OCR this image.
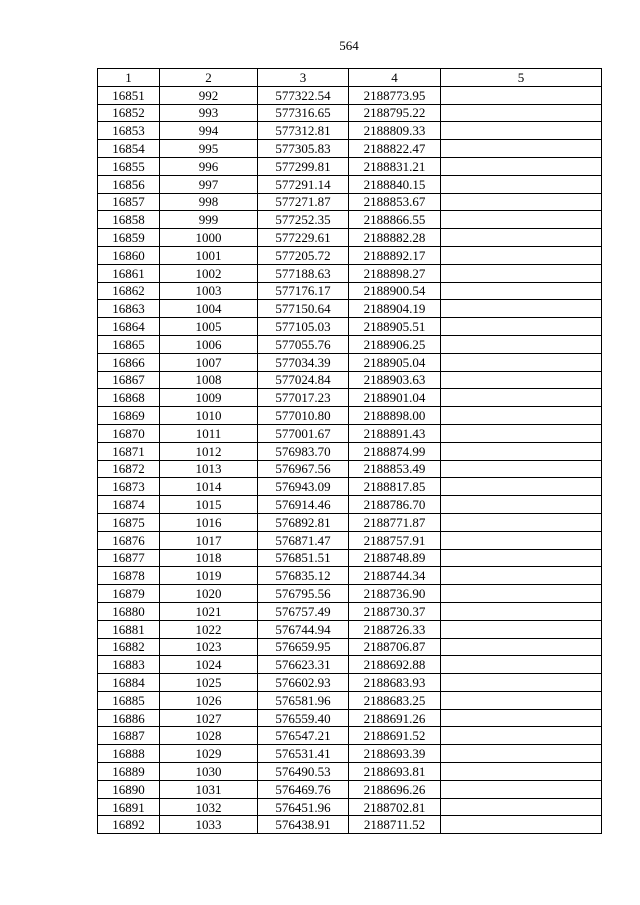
564
1	2	3	4	5
16851	992	577322.54	2188773.95	
16852	993	577316.65	2188795.22	
16853	994	577312.81	2188809.33	
16854	995	577305.83	2188822.47	
16855	996	577299.81	2188831.21	
16856	997	577291.14	2188840.15	
16857	998	577271.87	2188853.67	
16858	999	577252.35	2188866.55	
16859	1000	577229.61	2188882.28	
16860	1001	577205.72	2188892.17	
16861	1002	577188.63	2188898.27	
16862	1003	577176.17	2188900.54	
16863	1004	577150.64	2188904.19	
16864	1005	577105.03	2188905.51	
16865	1006	577055.76	2188906.25	
16866	1007	577034.39	2188905.04	
16867	1008	577024.84	2188903.63	
16868	1009	577017.23	2188901.04	
16869	1010	577010.80	2188898.00	
16870	1011	577001.67	2188891.43	
16871	1012	576983.70	2188874.99	
16872	1013	576967.56	2188853.49	
16873	1014	576943.09	2188817.85	
16874	1015	576914.46	2188786.70	
16875	1016	576892.81	2188771.87	
16876	1017	576871.47	2188757.91	
16877	1018	576851.51	2188748.89	
16878	1019	576835.12	2188744.34	
16879	1020	576795.56	2188736.90	
16880	1021	576757.49	2188730.37	
16881	1022	576744.94	2188726.33	
16882	1023	576659.95	2188706.87	
16883	1024	576623.31	2188692.88	
16884	1025	576602.93	2188683.93	
16885	1026	576581.96	2188683.25	
16886	1027	576559.40	2188691.26	
16887	1028	576547.21	2188691.52	
16888	1029	576531.41	2188693.39	
16889	1030	576490.53	2188693.81	
16890	1031	576469.76	2188696.26	
16891	1032	576451.96	2188702.81	
16892	1033	576438.91	2188711.52	
